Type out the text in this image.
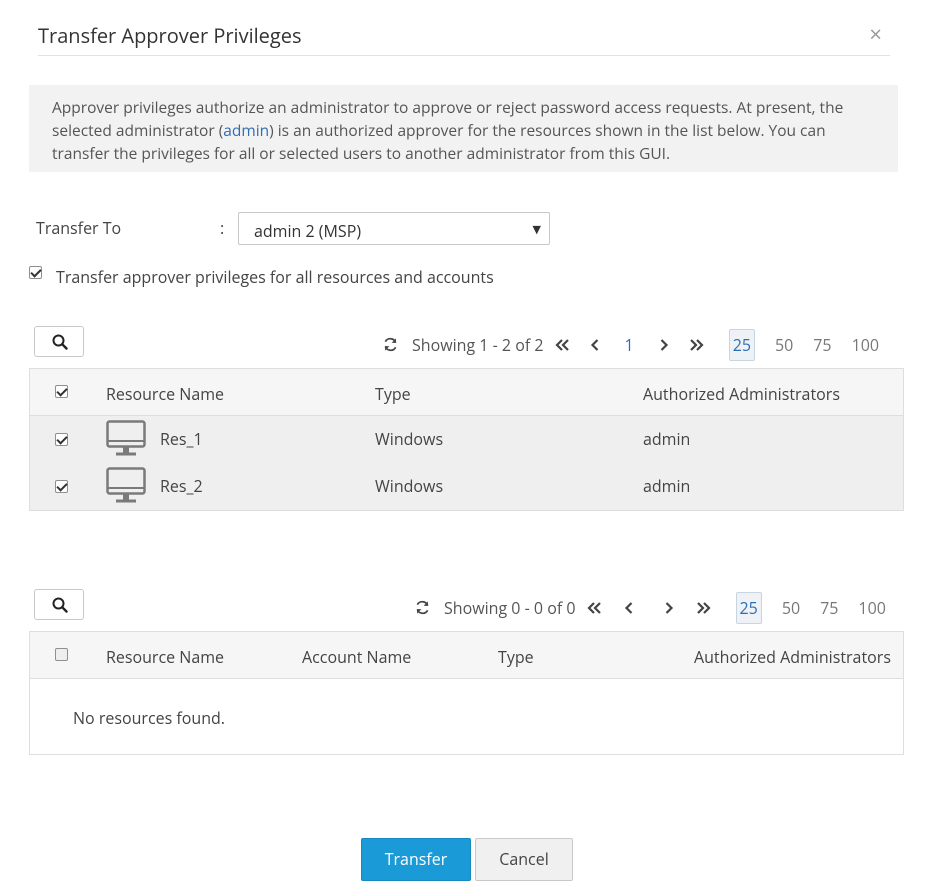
Transfer Approver Privileges	×
Approver privileges authorize an administrator to approve or reject password access requests. At present, the selected administrator (admin) is an authorized approver for the resources shown in the list below. You can transfer the privileges for all or selected users to another administrator from this GUI.
Transfer To	:	admin 2 (MSP)	▼
Transfer approver privileges for all resources and accounts
Showing 1 - 2 of 2	1	25 50 75 100
Resource Name	Type	Authorized Administrators
Res_1	Windows	admin
Res_2	Windows	admin
Showing 0 - 0 of 0	25 50 75 100
Resource Name	Account Name	Type	Authorized Administrators
No resources found.
Transfer	Cancel
